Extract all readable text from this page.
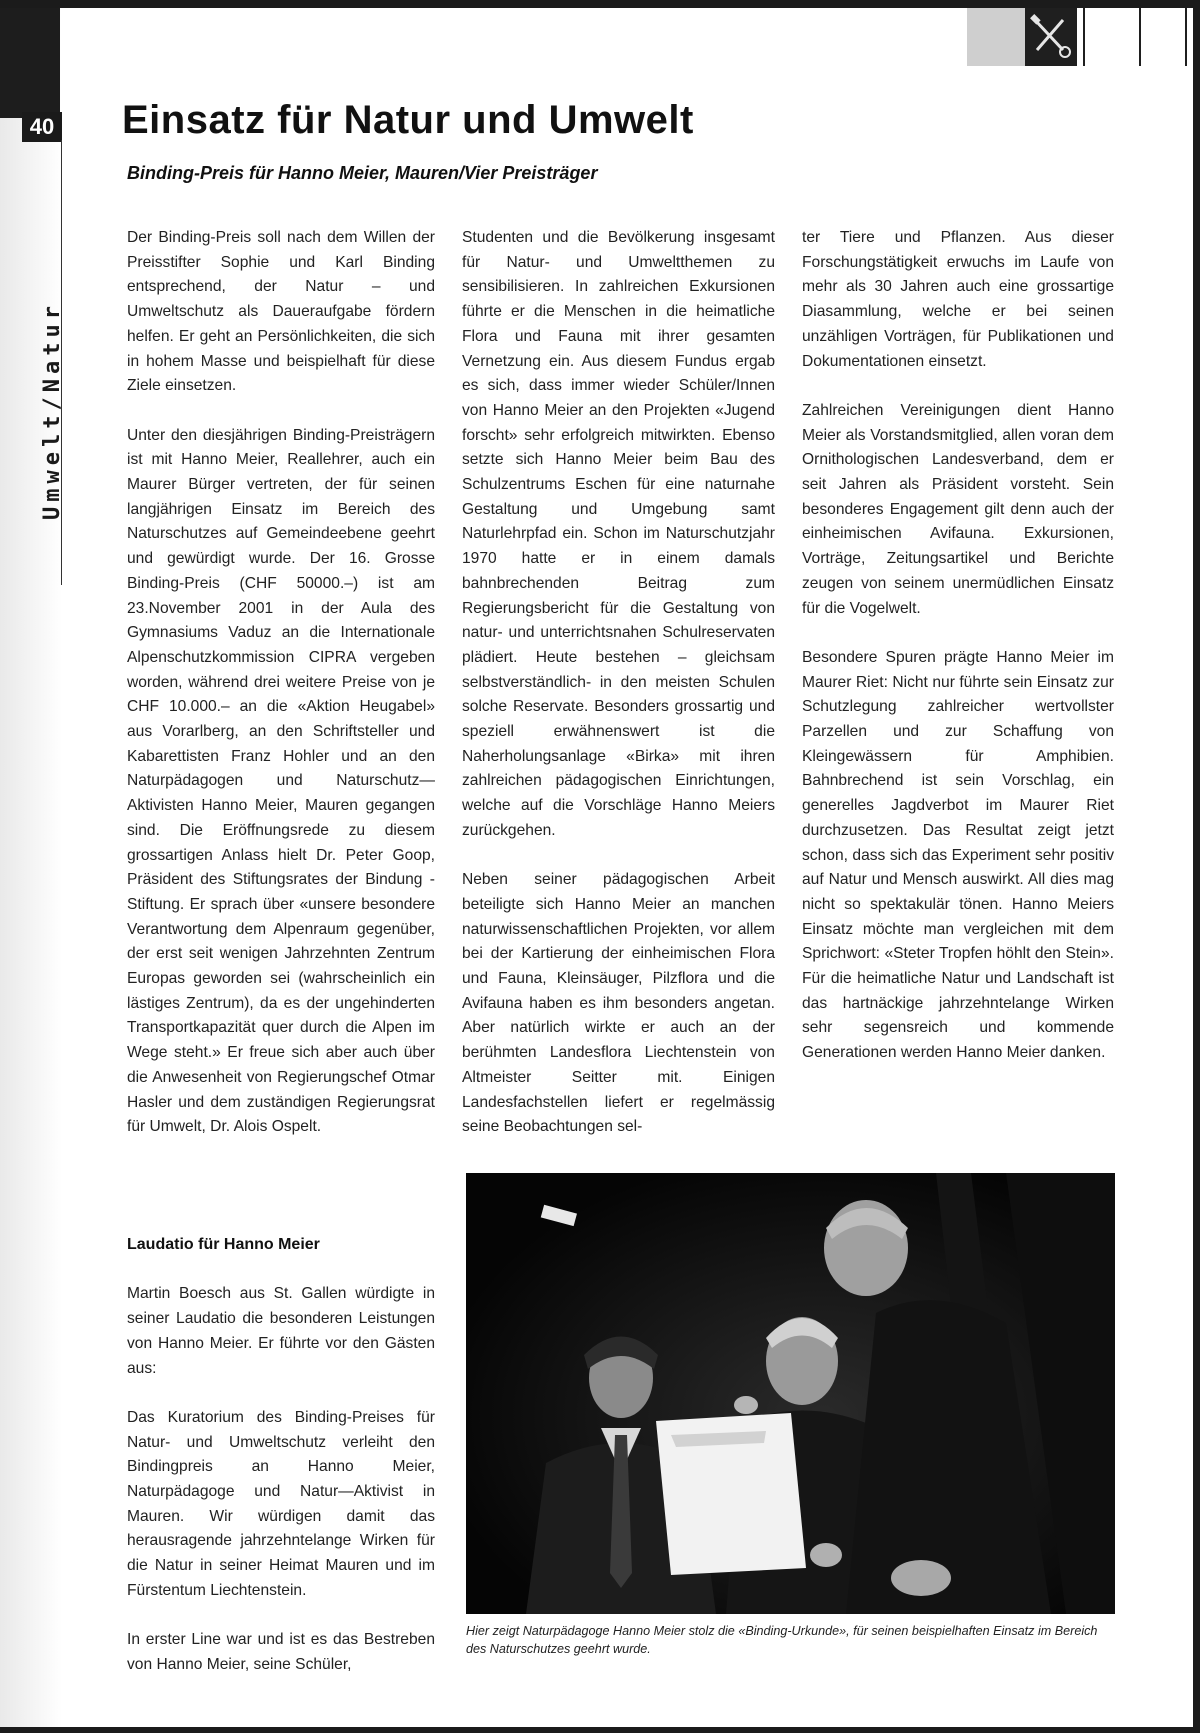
40
Umwelt/Natur
Einsatz für Natur und Umwelt
Binding-Preis für Hanno Meier, Mauren/Vier Preisträger

Der Binding-Preis soll nach dem Willen der Preisstifter Sophie und Karl Binding entsprechend, der Natur – und Umweltschutz als Daueraufgabe fördern helfen. Er geht an Persönlichkeiten, die sich in hohem Masse und beispielhaft für diese Ziele einsetzen.

Unter den diesjährigen Binding-Preisträgern ist mit Hanno Meier, Reallehrer, auch ein Maurer Bürger vertreten, der für seinen langjährigen Einsatz im Bereich des Naturschutzes auf Gemeindeebene geehrt und gewürdigt wurde. Der 16. Grosse Binding-Preis (CHF 50000.–) ist am 23.November 2001 in der Aula des Gymnasiums Vaduz an die Internationale Alpenschutzkommission CIPRA vergeben worden, während drei weitere Preise von je CHF 10.000.– an die «Aktion Heugabel» aus Vorarlberg, an den Schriftsteller und Kabarettisten Franz Hohler und an den Naturpädagogen und Naturschutz—Aktivisten Hanno Meier, Mauren gegangen sind. Die Eröffnungsrede zu diesem grossartigen Anlass hielt Dr. Peter Goop, Präsident des Stiftungsrates der Bindung -Stiftung. Er sprach über «unsere besondere Verantwortung dem Alpenraum gegenüber, der erst seit wenigen Jahrzehnten Zentrum Europas geworden sei (wahrscheinlich ein lästiges Zentrum), da es der ungehinderten Transportkapazität quer durch die Alpen im Wege steht.» Er freue sich aber auch über die Anwesenheit von Regierungschef Otmar Hasler und dem zuständigen Regierungsrat für Umwelt, Dr. Alois Ospelt.

Studenten und die Bevölkerung insgesamt für Natur- und Umweltthemen zu sensibilisieren. In zahlreichen Exkursionen führte er die Menschen in die heimatliche Flora und Fauna mit ihrer gesamten Vernetzung ein. Aus diesem Fundus ergab es sich, dass immer wieder Schüler/Innen von Hanno Meier an den Projekten «Jugend forscht» sehr erfolgreich mitwirkten. Ebenso setzte sich Hanno Meier beim Bau des Schulzentrums Eschen für eine naturnahe Gestaltung und Umgebung samt Naturlehrpfad ein. Schon im Naturschutzjahr 1970 hatte er in einem damals bahnbrechenden Beitrag zum Regierungsbericht für die Gestaltung von natur- und unterrichtsnahen Schulreservaten plädiert. Heute bestehen – gleichsam selbstverständlich- in den meisten Schulen solche Reservate. Besonders grossartig und speziell erwähnenswert ist die Naherholungsanlage «Birka» mit ihren zahlreichen pädagogischen Einrichtungen, welche auf die Vorschläge Hanno Meiers zurückgehen.

Neben seiner pädagogischen Arbeit beteiligte sich Hanno Meier an manchen naturwissenschaftlichen Projekten, vor allem bei der Kartierung der einheimischen Flora und Fauna, Kleinsäuger, Pilzflora und die Avifauna haben es ihm besonders angetan. Aber natürlich wirkte er auch an der berühmten Landesflora Liechtenstein von Altmeister Seitter mit. Einigen Landesfachstellen liefert er regelmässig seine Beobachtungen sel-

ter Tiere und Pflanzen. Aus dieser Forschungstätigkeit erwuchs im Laufe von mehr als 30 Jahren auch eine grossartige Diasammlung, welche er bei seinen unzähligen Vorträgen, für Publikationen und Dokumentationen einsetzt.

Zahlreichen Vereinigungen dient Hanno Meier als Vorstandsmitglied, allen voran dem Ornithologischen Landesverband, dem er seit Jahren als Präsident vorsteht. Sein besonderes Engagement gilt denn auch der einheimischen Avifauna. Exkursionen, Vorträge, Zeitungsartikel und Berichte zeugen von seinem unermüdlichen Einsatz für die Vogelwelt.

Besondere Spuren prägte Hanno Meier im Maurer Riet: Nicht nur führte sein Einsatz zur Schutzlegung zahlreicher wertvollster Parzellen und zur Schaffung von Kleingewässern für Amphibien. Bahnbrechend ist sein Vorschlag, ein generelles Jagdverbot im Maurer Riet durchzusetzen. Das Resultat zeigt jetzt schon, dass sich das Experiment sehr positiv auf Natur und Mensch auswirkt. All dies mag nicht so spektakulär tönen. Hanno Meiers Einsatz möchte man vergleichen mit dem Sprichwort: «Steter Tropfen höhlt den Stein». Für die heimatliche Natur und Landschaft ist das hartnäckige jahrzehntelange Wirken sehr segensreich und kommende Generationen werden Hanno Meier danken.

Laudatio für Hanno Meier

Martin Boesch aus St. Gallen würdigte in seiner Laudatio die besonderen Leistungen von Hanno Meier. Er führte vor den Gästen aus:

Das Kuratorium des Binding-Preises für Natur- und Umweltschutz verleiht den Bindingpreis an Hanno Meier, Naturpädagoge und Natur—Aktivist in Mauren. Wir würdigen damit das herausragende jahrzehntelange Wirken für die Natur in seiner Heimat Mauren und im Fürstentum Liechtenstein.

In erster Line war und ist es das Bestreben von Hanno Meier, seine Schüler,

Hier zeigt Naturpädagoge Hanno Meier stolz die «Binding-Urkunde», für seinen beispielhaften Einsatz im Bereich des Naturschutzes geehrt wurde.
